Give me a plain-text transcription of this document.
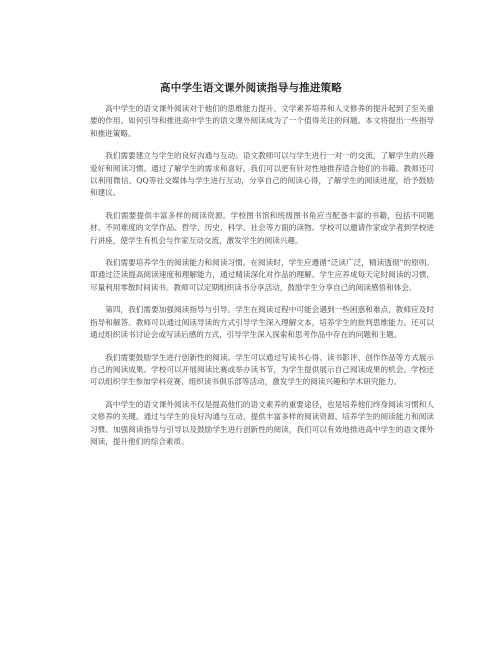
高中学生语文课外阅读指导与推进策略

高中学生的语文课外阅读对于他们的思维能力提升、文学素养培养和人文修养的提升起到了至关重要的作用。如何引导和推进高中学生的语文课外阅读成为了一个值得关注的问题。本文将提出一些指导和推进策略。

我们需要建立与学生的良好沟通与互动。语文教师可以与学生进行一对一的交流，了解学生的兴趣爱好和阅读习惯。通过了解学生的需求和喜好，我们可以更有针对性地推荐适合他们的书籍。教师还可以利用微信、QQ等社交媒体与学生进行互动，分享自己的阅读心得，了解学生的阅读进度，给予鼓励和建议。

我们需要提供丰富多样的阅读资源。学校图书馆和班级图书角应当配备丰富的书籍，包括不同题材、不同难度的文学作品、哲学、历史、科学、社会等方面的读物。学校可以邀请作家或学者到学校进行讲座，使学生有机会与作家互动交流，激发学生的阅读兴趣。

我们需要培养学生的阅读能力和阅读习惯。在阅读时，学生应遵循“泛读广泛，精读透彻”的原则。即通过泛读提高阅读速度和理解能力，通过精读深化对作品的理解。学生应养成每天定时阅读的习惯，尽量利用零散时间读书。教师可以定期组织读书分享活动，鼓励学生分享自己的阅读感悟和体会。

第四，我们需要加强阅读指导与引导。学生在阅读过程中可能会遇到一些困惑和难点，教师应及时指导和解答。教师可以通过阅读导读的方式引导学生深入理解文本，培养学生的批判思维能力。还可以通过组织读书讨论会或写读后感的方式，引导学生深入探索和思考作品中存在的问题和主题。

我们需要鼓励学生进行创新性的阅读。学生可以通过写读书心得、读书影评、创作作品等方式展示自己的阅读成果。学校可以开展阅读比赛或举办读书节，为学生提供展示自己阅读成果的机会。学校还可以组织学生参加学科竞赛、组织读书俱乐部等活动，激发学生的阅读兴趣和学术研究能力。

高中学生的语文课外阅读不仅是提高他们的语文素养的重要途径，也是培养他们终身阅读习惯和人文修养的关键。通过与学生的良好沟通与互动、提供丰富多样的阅读资源、培养学生的阅读能力和阅读习惯、加强阅读指导与引导以及鼓励学生进行创新性的阅读，我们可以有效地推进高中学生的语文课外阅读，提升他们的综合素质。
